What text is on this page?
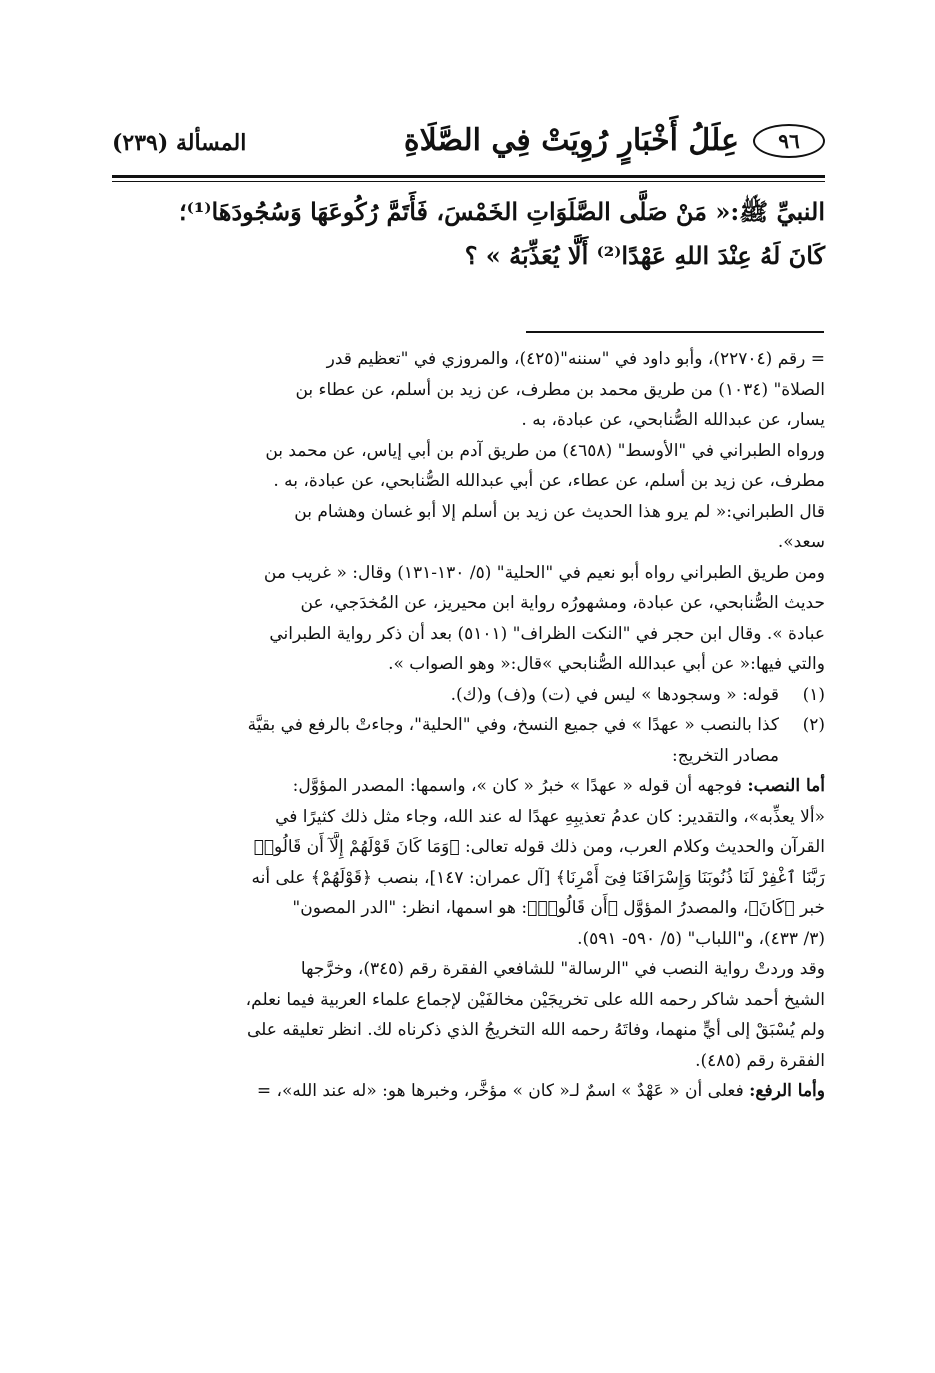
٩٦
عِلَلُ أَخْبَارٍ رُوِيَتْ فِي الصَّلَاةِ
المسألة (٢٣٩)
النبيِّ ﷺ:« مَنْ صَلَّى الصَّلَوَاتِ الخَمْسَ، فَأَتَمَّ رُكُوعَهَا وَسُجُودَهَا⁽¹⁾؛
كَانَ لَهُ عِنْدَ اللهِ عَهْدًا⁽²⁾ أَلَّا يُعَذِّبَهُ » ؟
= رقم (٢٢٧٠٤)، وأبو داود في "سننه"(٤٢٥)، والمروزي في "تعظيم قدر
الصلاة" (١٠٣٤) من طريق محمد بن مطرف، عن زيد بن أسلم، عن عطاء بن
يسار، عن عبدالله الصُّنابحي، عن عبادة، به .
ورواه الطبراني في "الأوسط" (٤٦٥٨) من طريق آدم بن أبي إياس، عن محمد بن
مطرف، عن زيد بن أسلم، عن عطاء، عن أبي عبدالله الصُّنابحي، عن عبادة، به .
قال الطبراني:« لم يرو هذا الحديث عن زيد بن أسلم إلا أبو غسان وهشام بن
سعد».
ومن طريق الطبراني رواه أبو نعيم في "الحلية" (٥/ ١٣٠-١٣١) وقال: « غريب من
حديث الصُّنابحي، عن عبادة، ومشهورُه رواية ابن محيريز، عن المُخدَجي، عن
عبادة ». وقال ابن حجر في "النكت الظراف" (٥١٠١) بعد أن ذكر رواية الطبراني
والتي فيها:« عن أبي عبدالله الصُّنابحي »قال:« وهو الصواب ».
(١)
قوله: « وسجودها » ليس في (ت) و(ف) و(ك).
(٢)
كذا بالنصب « عهدًا » في جميع النسخ، وفي "الحلية"، وجاءتْ بالرفع في بقيَّة
مصادر التخريج:
أما النصب: فوجهه أن قوله « عهدًا » خبرُ « كان »، واسمها: المصدر المؤوَّل:
«ألا يعذِّبه»، والتقدير: كان عدمُ تعذيبِهِ عهدًا له عند الله، وجاء مثل ذلك كثيرًا في
القرآن والحديث وكلام العرب، ومن ذلك قوله تعالى: ﴿وَمَا كَانَ قَوْلَهُمْ إِلَّآ أَن قَالُوا۟
رَبَّنَا ٱغْفِرْ لَنَا ذُنُوبَنَا وَإِسْرَافَنَا فِىٓ أَمْرِنَا﴾ [آل عمران: ١٤٧]، بنصب ﴿قَوْلَهُمْ﴾ على أنه
خبر ﴿كَانَ﴾، والمصدرُ المؤوَّل ﴿أَن قَالُوا۟﴾: هو اسمها، انظر: "الدر المصون"
(٣/ ٤٣٣)، و"اللباب" (٥/ ٥٩٠- ٥٩١).
وقد وردتْ رواية النصب في "الرسالة" للشافعي الفقرة رقم (٣٤٥)، وخرَّجها
الشيخ أحمد شاكر رحمه الله على تخريجَيْن مخالفَيْن لإجماع علماء العربية فيما نعلم،
ولم يُسْبَقْ إلى أيٍّ منهما، وفاتَهُ رحمه الله التخريجُ الذي ذكرناه لك. انظر تعليقه على
الفقرة رقم (٤٨٥).
وأما الرفع: فعلى أن « عَهْدٌ » اسمٌ لـ« كان » مؤخَّر، وخبرها هو: «له عند الله»، =
